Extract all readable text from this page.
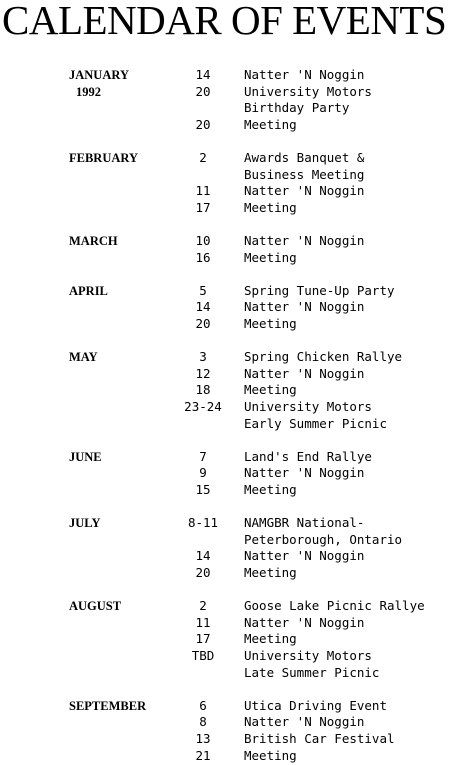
CALENDAR OF EVENTS
JANUARY	14	Natter 'N Noggin
1992	20	University Motors
Birthday Party
20	Meeting
FEBRUARY	2	Awards Banquet &
Business Meeting
11	Natter 'N Noggin
17	Meeting
MARCH	10	Natter 'N Noggin
16	Meeting
APRIL	5	Spring Tune-Up Party
14	Natter 'N Noggin
20	Meeting
MAY	3	Spring Chicken Rallye
12	Natter 'N Noggin
18	Meeting
23-24	University Motors
Early Summer Picnic
JUNE	7	Land's End Rallye
9	Natter 'N Noggin
15	Meeting
JULY	8-11	NAMGBR National-
Peterborough, Ontario
14	Natter 'N Noggin
20	Meeting
AUGUST	2	Goose Lake Picnic Rallye
11	Natter 'N Noggin
17	Meeting
TBD	University Motors
Late Summer Picnic
SEPTEMBER	6	Utica Driving Event
8	Natter 'N Noggin
13	British Car Festival
21	Meeting
